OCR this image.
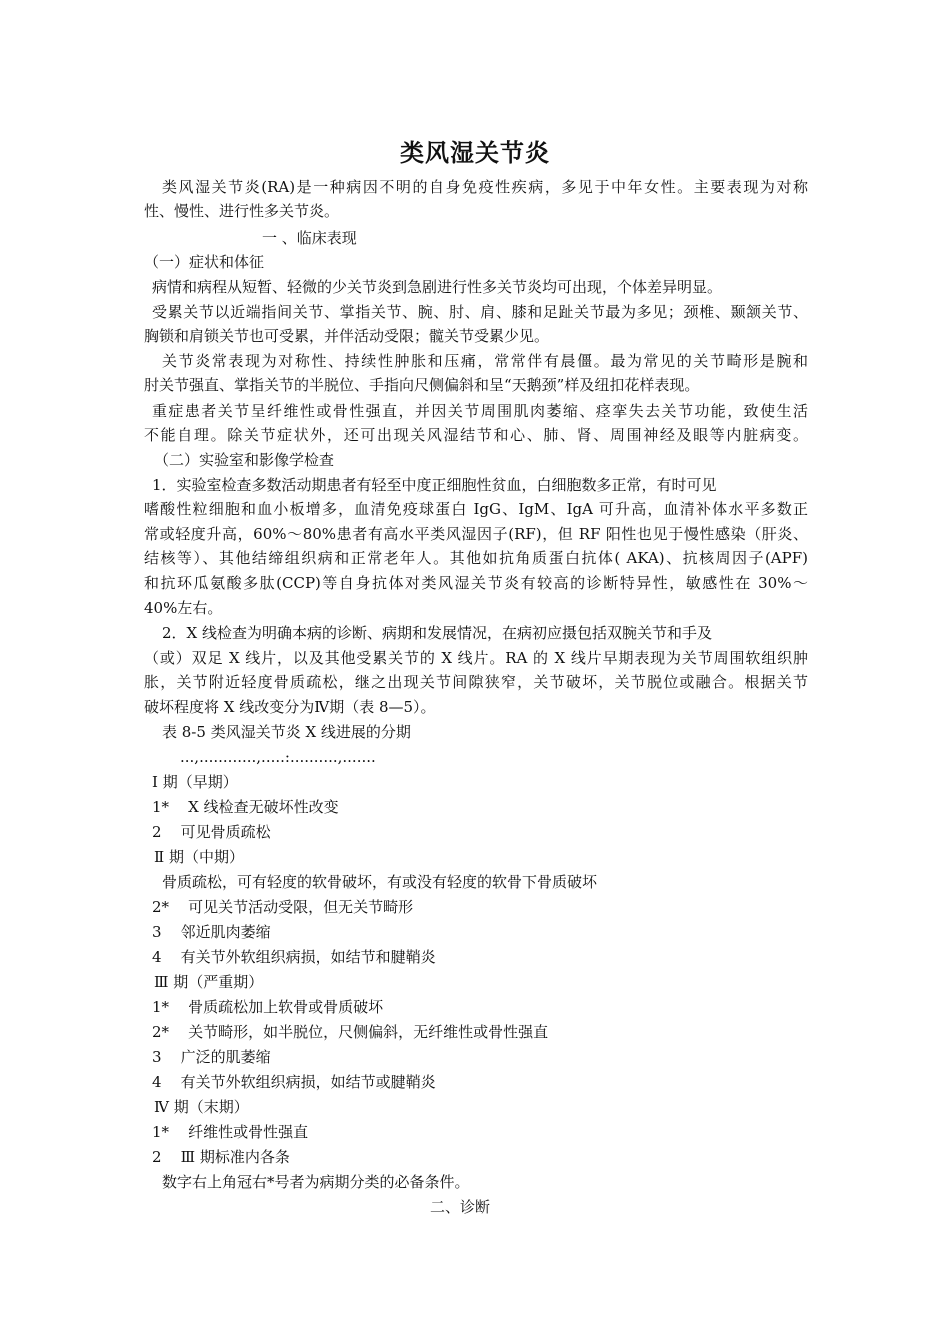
类风湿关节炎
类风湿关节炎(RA)是一种病因不明的自身免疫性疾病，多见于中年女性。主要表现为对称
性、慢性、进行性多关节炎。
一 、临床表现
（一）症状和体征
病情和病程从短暂、轻微的少关节炎到急剧进行性多关节炎均可出现，个体差异明显。
受累关节以近端指间关节、掌指关节、腕、肘、肩、膝和足趾关节最为多见；颈椎、颞颔关节、
胸锁和肩锁关节也可受累，并伴活动受限；髋关节受累少见。
关节炎常表现为对称性、持续性肿胀和压痛，常常伴有晨僵。最为常见的关节畸形是腕和
肘关节强直、掌指关节的半脱位、手指向尺侧偏斜和呈“天鹅颈”样及纽扣花样表现。
重症患者关节呈纤维性或骨性强直，并因关节周围肌肉萎缩、痉挛失去关节功能，致使生活
不能自理。除关节症状外，还可出现关风湿结节和心、肺、肾、周围神经及眼等内脏病变。
（二）实验室和影像学检查
1．实验室检查多数活动期患者有轻至中度正细胞性贫血，白细胞数多正常，有时可见
嗜酸性粒细胞和血小板增多，血清免疫球蛋白 IgG、IgM、IgA 可升高，血清补体水平多数正
常或轻度升高，60%～80%患者有高水平类风湿因子(RF)，但 RF 阳性也见于慢性感染（肝炎、
结核等）、其他结缔组织病和正常老年人。其他如抗角质蛋白抗体( AKA)、抗核周因子(APF)
和抗环瓜氨酸多肽(CCP)等自身抗体对类风湿关节炎有较高的诊断特异性，敏感性在 30%～
40%左右。
2．X 线检查为明确本病的诊断、病期和发展情况，在病初应摄包括双腕关节和手及
（或）双足 X 线片，以及其他受累关节的 X 线片。RA 的 X 线片早期表现为关节周围软组织肿
胀，关节附近轻度骨质疏松，继之出现关节间隙狭窄，关节破坏，关节脱位或融合。根据关节
破坏程度将 X 线改变分为Ⅳ期（表 8—5）。
表 8-5 类风湿关节炎 X 线进展的分期
...,............,.....:..........,.......
I 期（早期）
1*    X 线检查无破坏性改变
2    可见骨质疏松
Ⅱ 期（中期）
骨质疏松，可有轻度的软骨破坏，有或没有轻度的软骨下骨质破坏
2*    可见关节活动受限，但无关节畸形
3    邻近肌肉萎缩
4    有关节外软组织病损，如结节和腱鞘炎
Ⅲ 期（严重期）
1*    骨质疏松加上软骨或骨质破坏
2*    关节畸形，如半脱位，尺侧偏斜，无纤维性或骨性强直
3    广泛的肌萎缩
4    有关节外软组织病损，如结节或腱鞘炎
Ⅳ 期（末期）
1*    纤维性或骨性强直
2    Ⅲ 期标准内各条
数字右上角冠右*号者为病期分类的必备条件。
二、诊断
